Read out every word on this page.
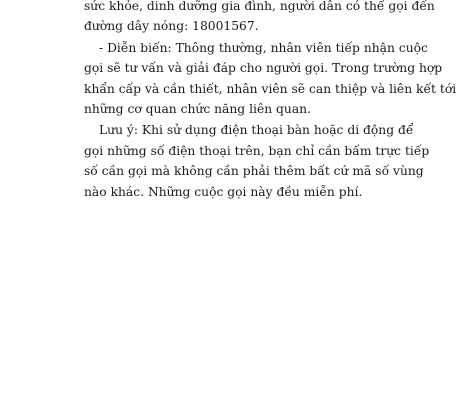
sức khỏe, dinh dưỡng gia đình, người dân có thể gọi đến
đường dây nóng: 18001567.
- Diễn biến: Thông thường, nhân viên tiếp nhận cuộc
gọi sẽ tư vấn và giải đáp cho người gọi. Trong trường hợp
khẩn cấp và cần thiết, nhân viên sẽ can thiệp và liên kết tới
những cơ quan chức năng liên quan.
Lưu ý: Khi sử dụng điện thoại bàn hoặc di động để
gọi những số điện thoại trên, bạn chỉ cần bấm trực tiếp
số cần gọi mà không cần phải thêm bất cứ mã số vùng
nào khác. Những cuộc gọi này đều miễn phí.
